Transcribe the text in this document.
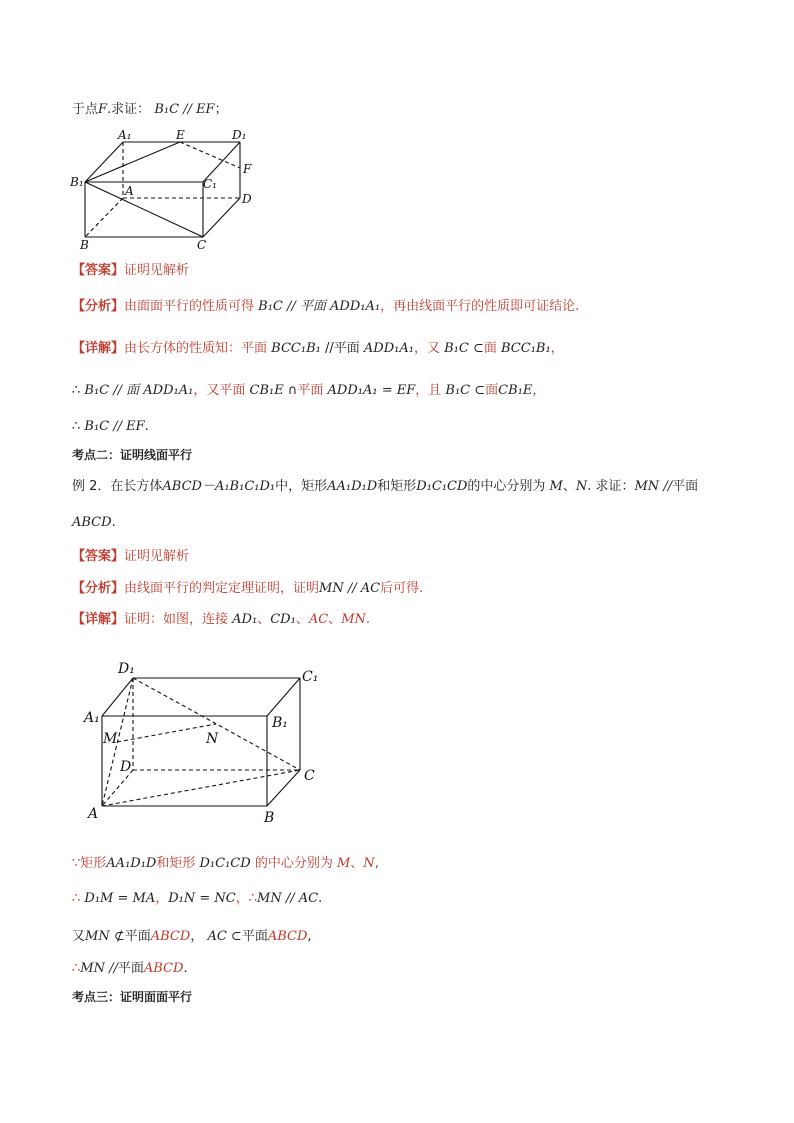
于点F.求证： B₁C // EF；
A₁	E	D₁
F
B₁
A	C₁
D
B	C
【答案】证明见解析
【分析】由面面平行的性质可得 B₁C // 平面 ADD₁A₁，再由线面平行的性质即可证结论.
【详解】由长方体的性质知：平面 BCC₁B₁ //平面 ADD₁A₁，又 B₁C ⊂面 BCC₁B₁，
∴ B₁C // 面 ADD₁A₁，又平面 CB₁E ∩平面 ADD₁A₁ = EF，且 B₁C ⊂面CB₁E，
∴ B₁C // EF.
考点二：证明线面平行
例 2．在长方体ABCD－A₁B₁C₁D₁中，矩形AA₁D₁D和矩形D₁C₁CD的中心分别为 M、N. 求证：MN //平面
ABCD.
【答案】证明见解析
【分析】由线面平行的判定定理证明，证明MN // AC后可得.
【详解】证明：如图，连接 AD₁、CD₁、AC、MN.
D₁	C₁
A₁	B₁
M	N
D
C
A	B
∵矩形AA₁D₁D和矩形 D₁C₁CD 的中心分别为 M、N,
∴ D₁M = MA，D₁N = NC，∴MN // AC.
又MN ⊄平面ABCD， AC ⊂平面ABCD,
∴MN //平面ABCD.
考点三：证明面面平行
